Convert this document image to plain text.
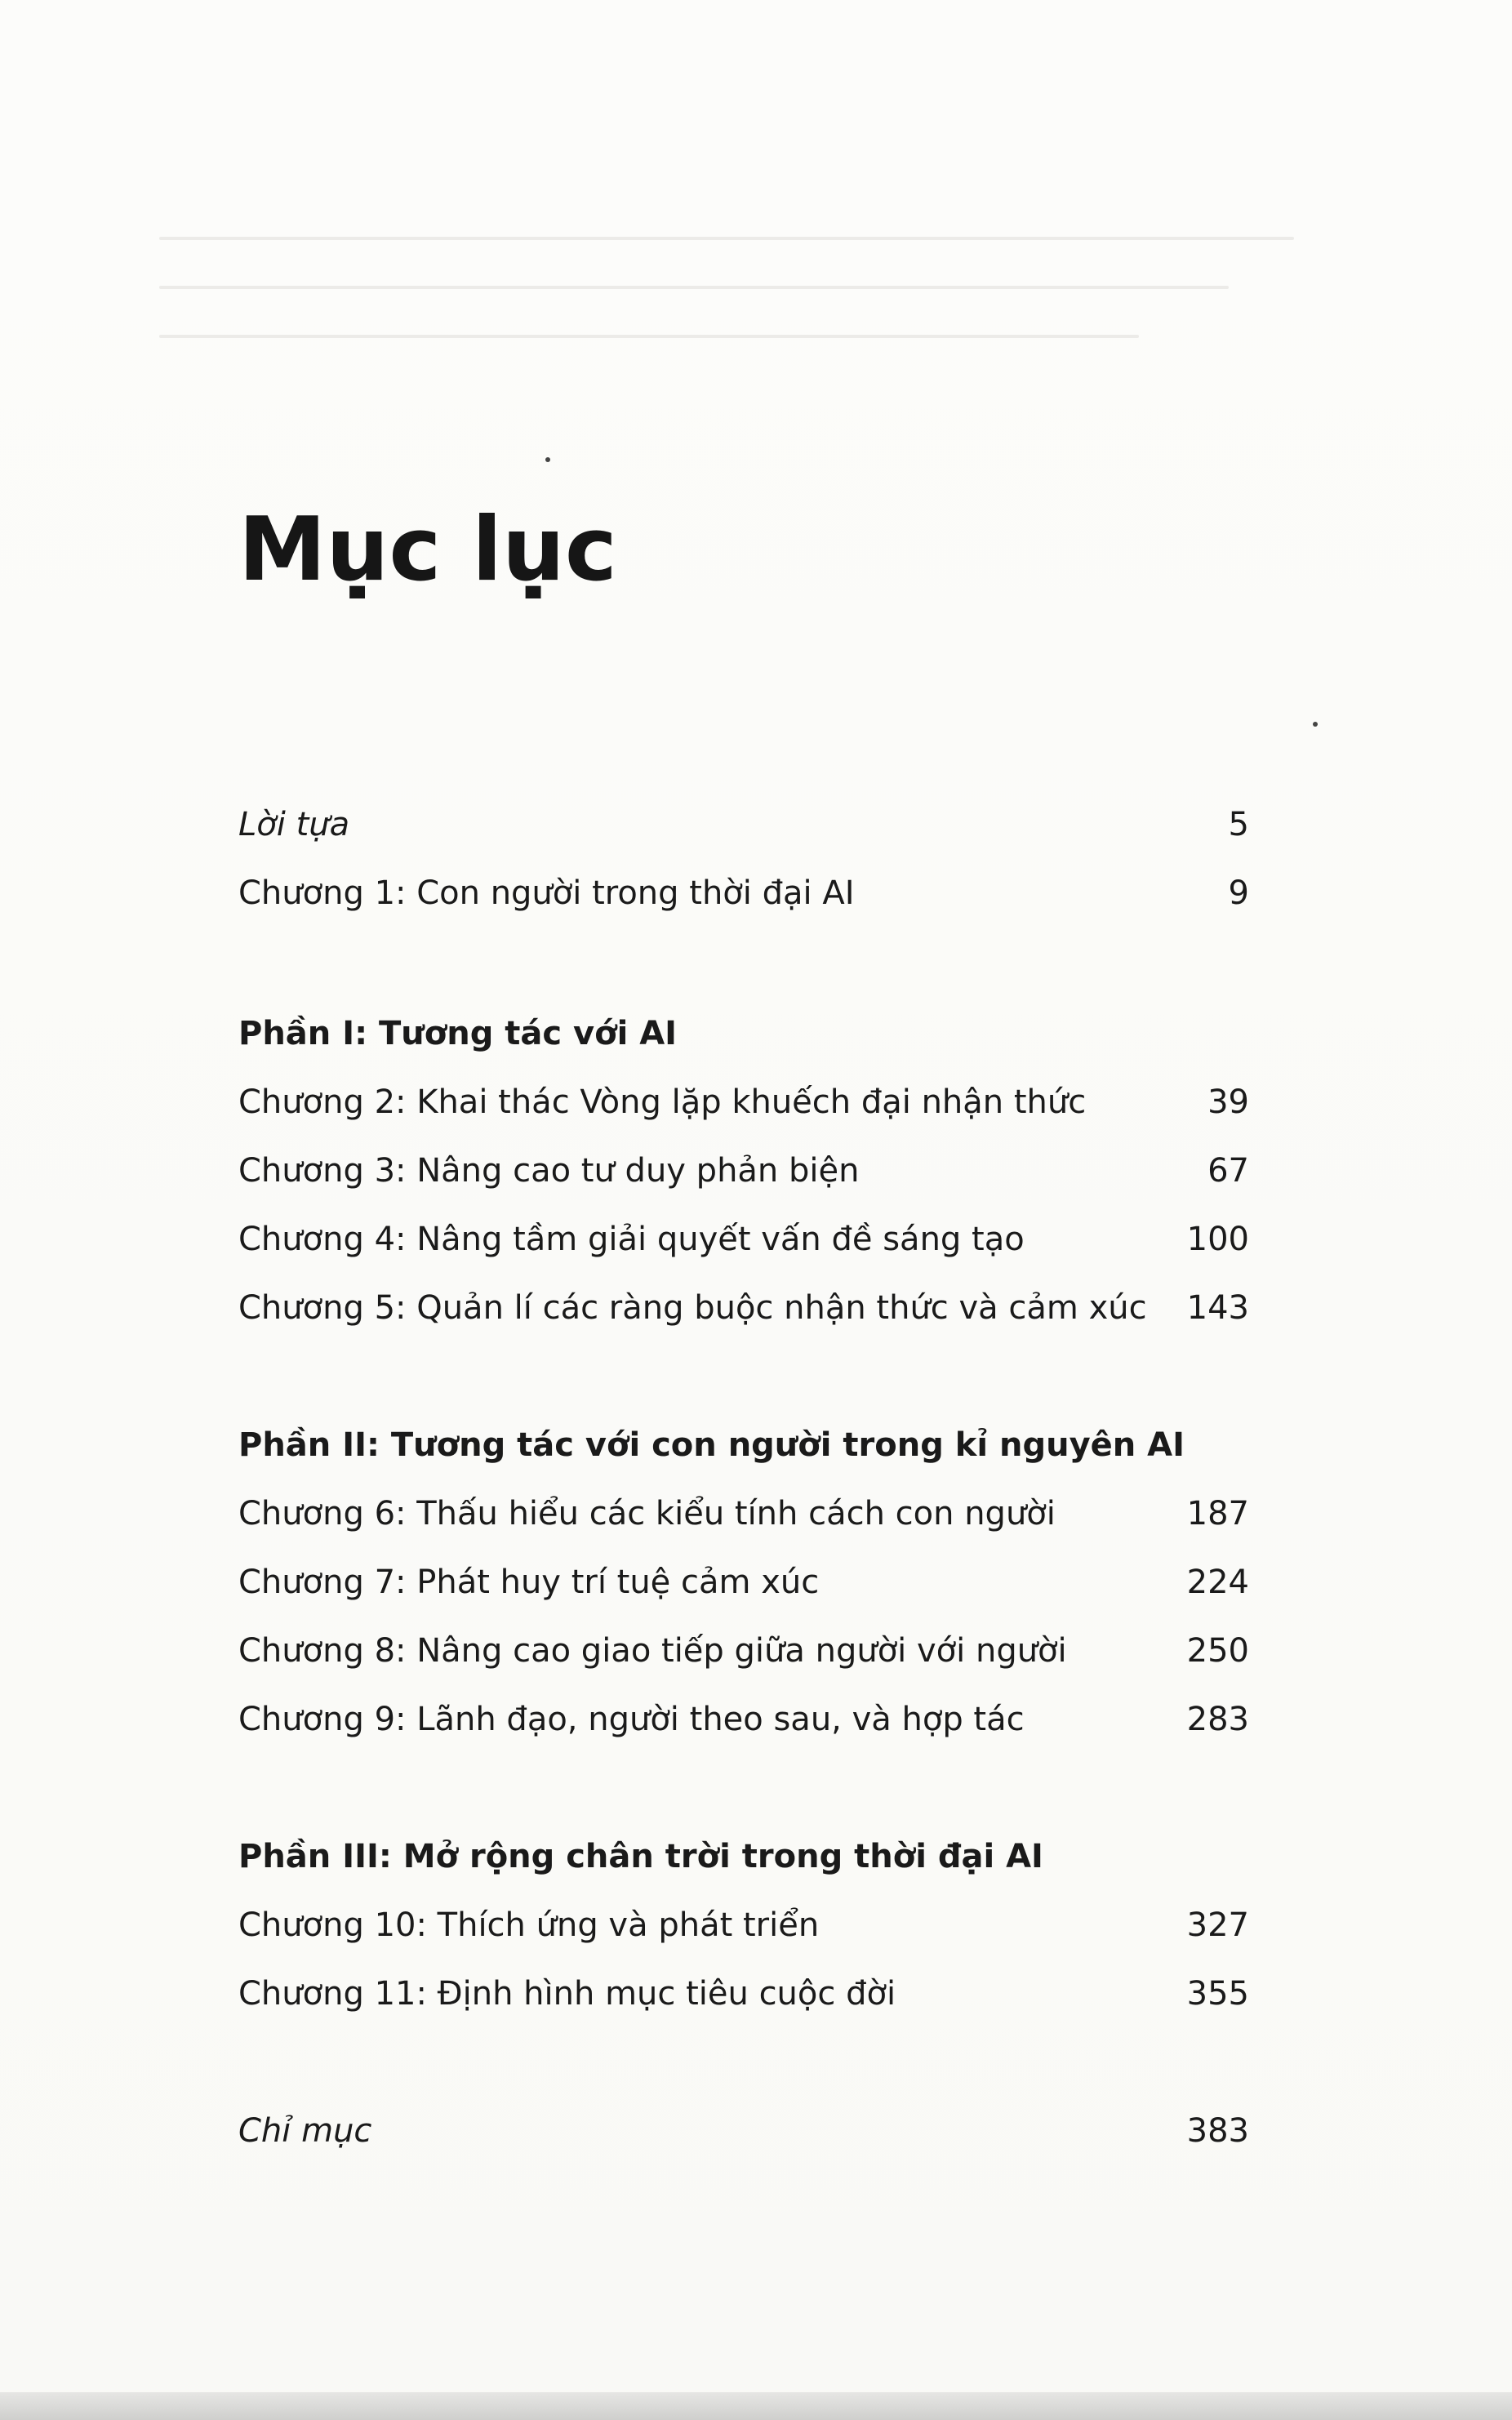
Mục lục
Lời tựa	5
Chương 1: Con người trong thời đại AI	9
Phần I: Tương tác với AI
Chương 2: Khai thác Vòng lặp khuếch đại nhận thức	39
Chương 3: Nâng cao tư duy phản biện	67
Chương 4: Nâng tầm giải quyết vấn đề sáng tạo	100
Chương 5: Quản lí các ràng buộc nhận thức và cảm xúc 143
Phần II: Tương tác với con người trong kỉ nguyên AI
Chương 6: Thấu hiểu các kiểu tính cách con người	187
Chương 7: Phát huy trí tuệ cảm xúc	224
Chương 8: Nâng cao giao tiếp giữa người với người	250
Chương 9: Lãnh đạo, người theo sau, và hợp tác	283
Phần III: Mở rộng chân trời trong thời đại AI
Chương 10: Thích ứng và phát triển	327
Chương 11: Định hình mục tiêu cuộc đời	355
Chỉ mục	383
